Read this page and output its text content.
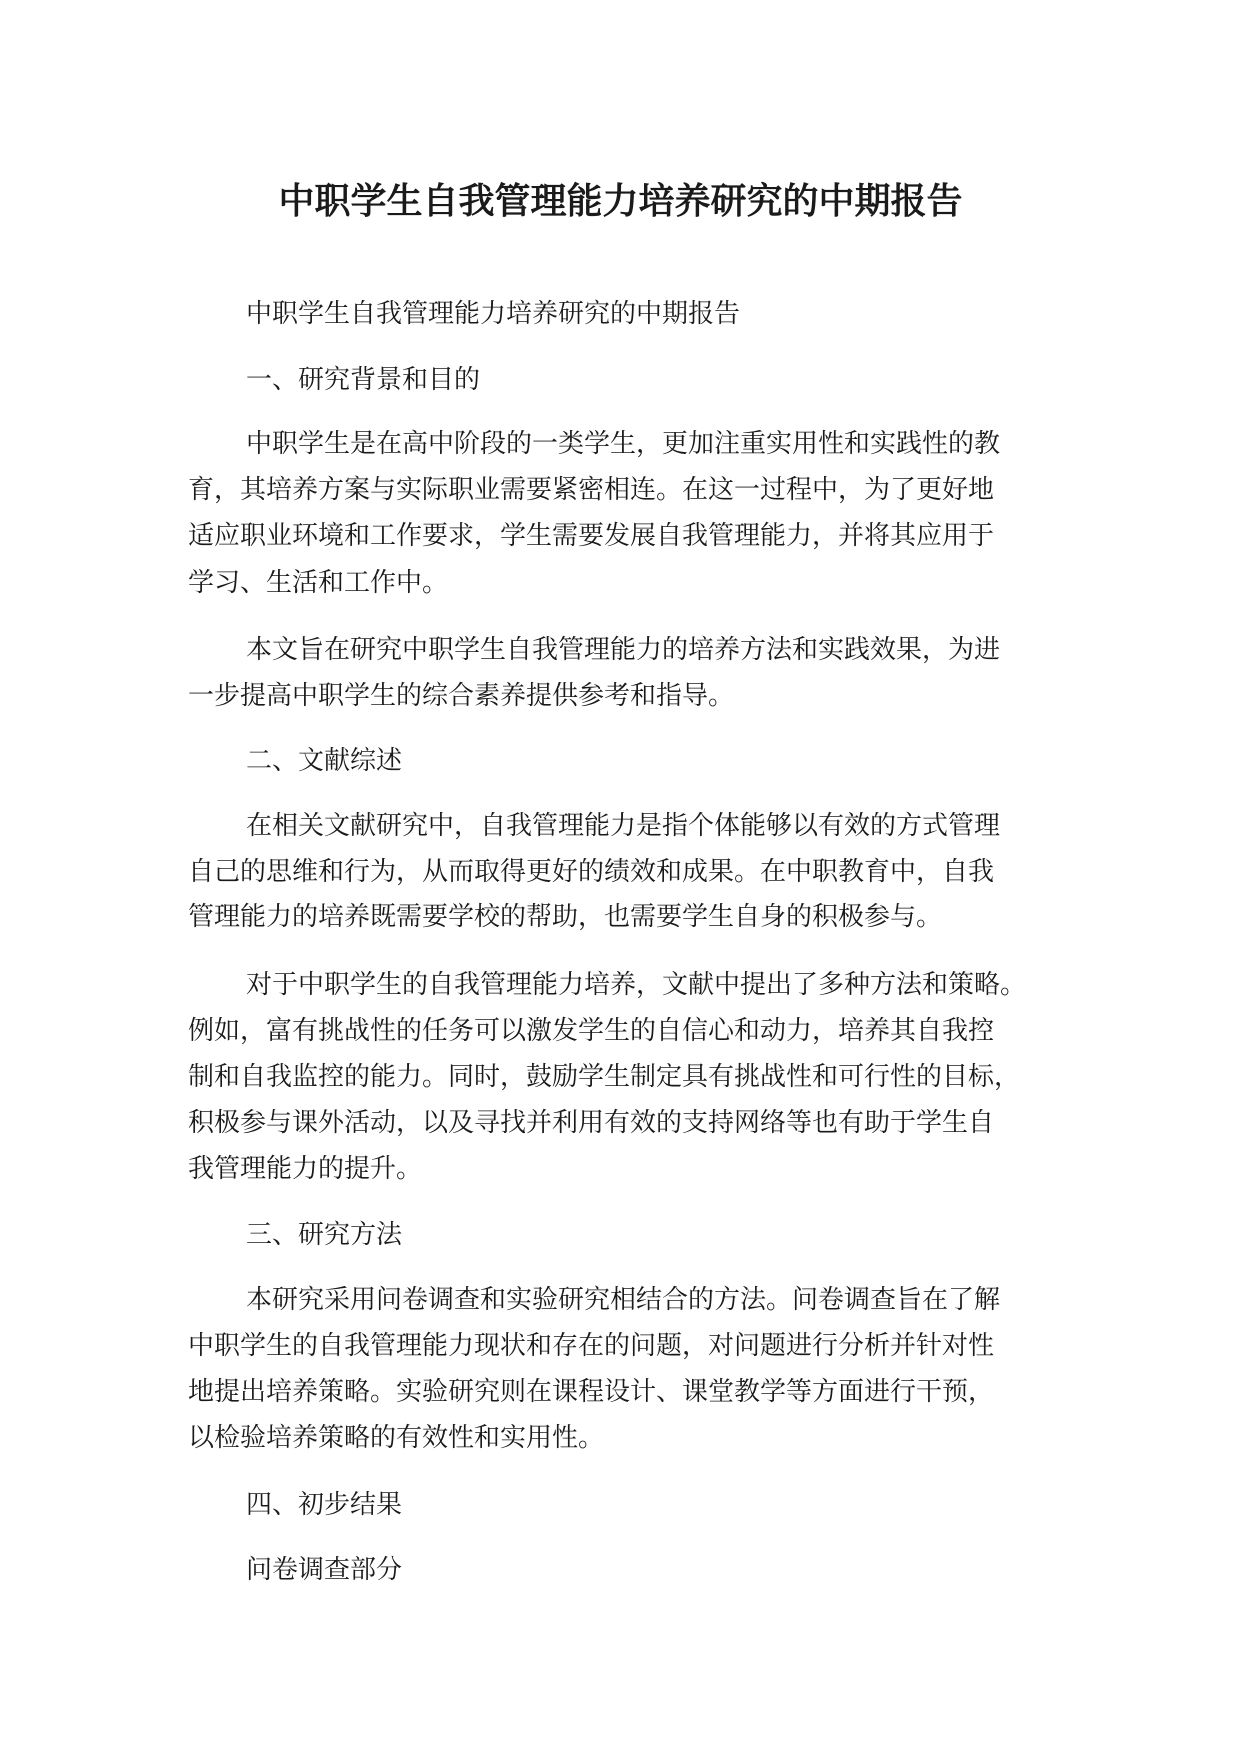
中职学生自我管理能力培养研究的中期报告
中职学生自我管理能力培养研究的中期报告
一、研究背景和目的
中职学生是在高中阶段的一类学生，更加注重实用性和实践性的教
育，其培养方案与实际职业需要紧密相连。在这一过程中，为了更好地
适应职业环境和工作要求，学生需要发展自我管理能力，并将其应用于
学习、生活和工作中。
本文旨在研究中职学生自我管理能力的培养方法和实践效果，为进
一步提高中职学生的综合素养提供参考和指导。
二、文献综述
在相关文献研究中，自我管理能力是指个体能够以有效的方式管理
自己的思维和行为，从而取得更好的绩效和成果。在中职教育中，自我
管理能力的培养既需要学校的帮助，也需要学生自身的积极参与。
对于中职学生的自我管理能力培养，文献中提出了多种方法和策略。
例如，富有挑战性的任务可以激发学生的自信心和动力，培养其自我控
制和自我监控的能力。同时，鼓励学生制定具有挑战性和可行性的目标，
积极参与课外活动，以及寻找并利用有效的支持网络等也有助于学生自
我管理能力的提升。
三、研究方法
本研究采用问卷调查和实验研究相结合的方法。问卷调查旨在了解
中职学生的自我管理能力现状和存在的问题，对问题进行分析并针对性
地提出培养策略。实验研究则在课程设计、课堂教学等方面进行干预，
以检验培养策略的有效性和实用性。
四、初步结果
问卷调查部分
